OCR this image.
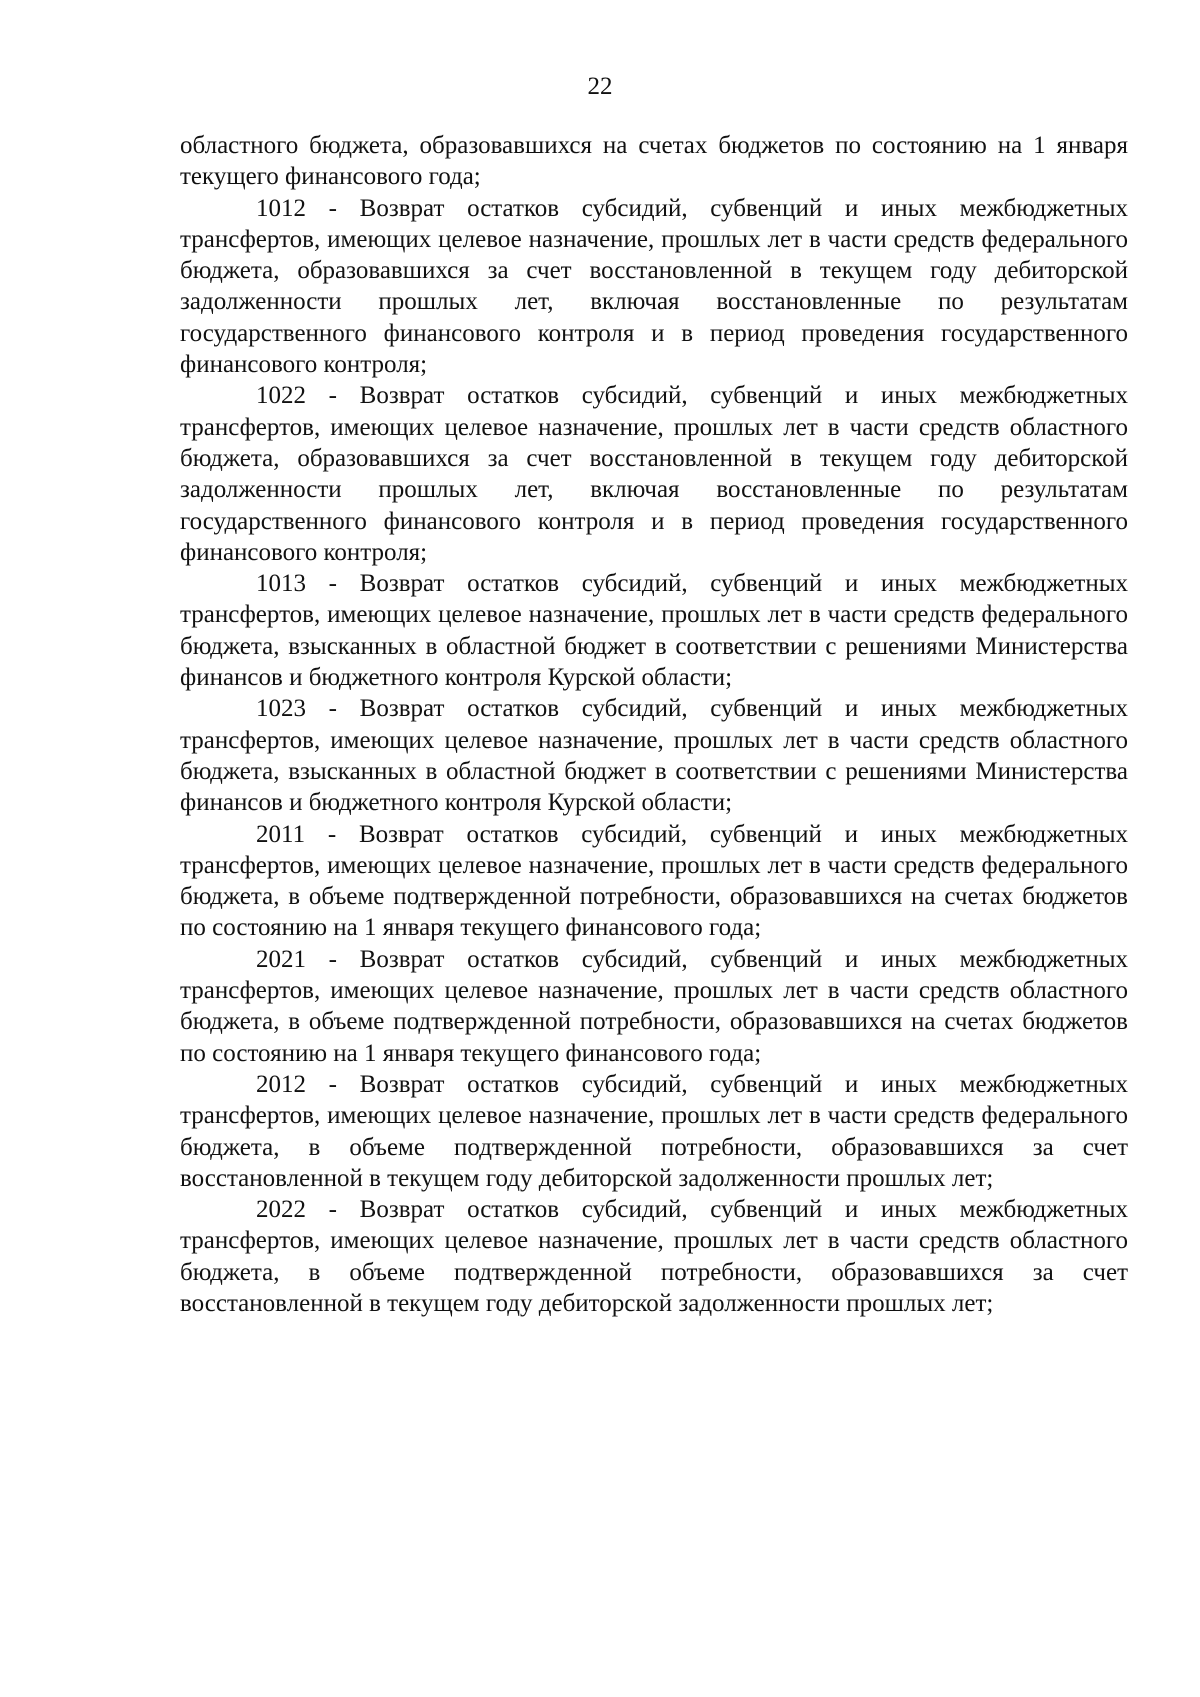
22

областного бюджета, образовавшихся на счетах бюджетов по состоянию на 1 января текущего финансового года;

1012 - Возврат остатков субсидий, субвенций и иных межбюджетных трансфертов, имеющих целевое назначение, прошлых лет в части средств федерального бюджета, образовавшихся за счет восстановленной в текущем году дебиторской задолженности прошлых лет, включая восстановленные по результатам государственного финансового контроля и в период проведения государственного финансового контроля;

1022 - Возврат остатков субсидий, субвенций и иных межбюджетных трансфертов, имеющих целевое назначение, прошлых лет в части средств областного бюджета, образовавшихся за счет восстановленной в текущем году дебиторской задолженности прошлых лет, включая восстановленные по результатам государственного финансового контроля и в период проведения государственного финансового контроля;

1013 - Возврат остатков субсидий, субвенций и иных межбюджетных трансфертов, имеющих целевое назначение, прошлых лет в части средств федерального бюджета, взысканных в областной бюджет в соответствии с решениями Министерства финансов и бюджетного контроля Курской области;

1023 - Возврат остатков субсидий, субвенций и иных межбюджетных трансфертов, имеющих целевое назначение, прошлых лет в части средств областного бюджета, взысканных в областной бюджет в соответствии с решениями Министерства финансов и бюджетного контроля Курской области;

2011 - Возврат остатков субсидий, субвенций и иных межбюджетных трансфертов, имеющих целевое назначение, прошлых лет в части средств федерального бюджета, в объеме подтвержденной потребности, образовавшихся на счетах бюджетов по состоянию на 1 января текущего финансового года;

2021 - Возврат остатков субсидий, субвенций и иных межбюджетных трансфертов, имеющих целевое назначение, прошлых лет в части средств областного бюджета, в объеме подтвержденной потребности, образовавшихся на счетах бюджетов по состоянию на 1 января текущего финансового года;

2012 - Возврат остатков субсидий, субвенций и иных межбюджетных трансфертов, имеющих целевое назначение, прошлых лет в части средств федерального бюджета, в объеме подтвержденной потребности, образовавшихся за счет восстановленной в текущем году дебиторской задолженности прошлых лет;

2022 - Возврат остатков субсидий, субвенций и иных межбюджетных трансфертов, имеющих целевое назначение, прошлых лет в части средств областного бюджета, в объеме подтвержденной потребности, образовавшихся за счет восстановленной в текущем году дебиторской задолженности прошлых лет;
